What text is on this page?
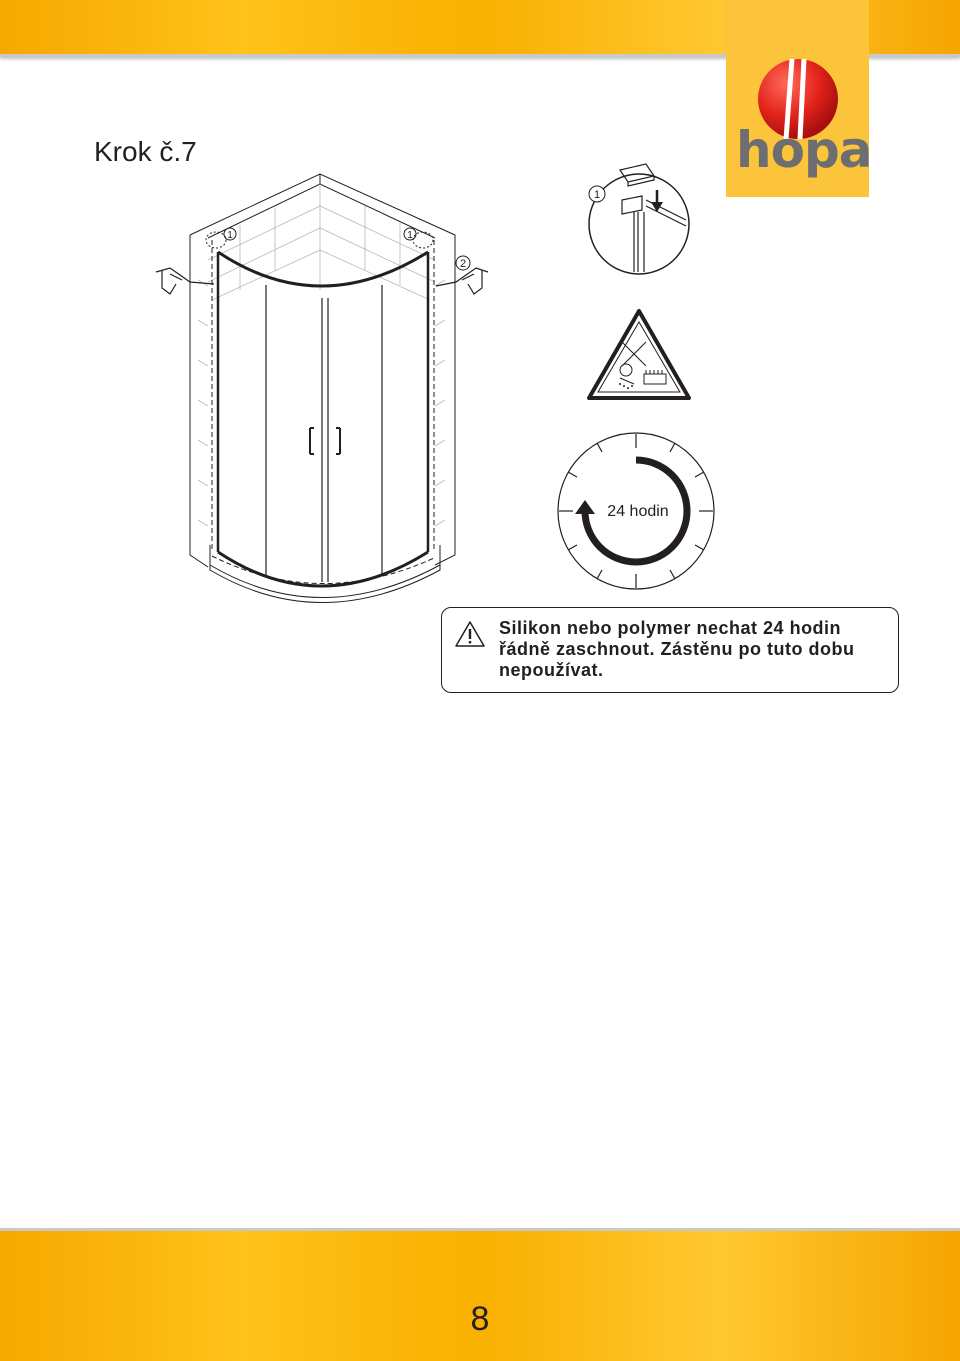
hopa
Krok č.7
1	1
2
1
24 hodin
Silikon nebo polymer nechat 24 hodin
řádně zaschnout. Zástěnu po tuto dobu
nepoužívat.
8
